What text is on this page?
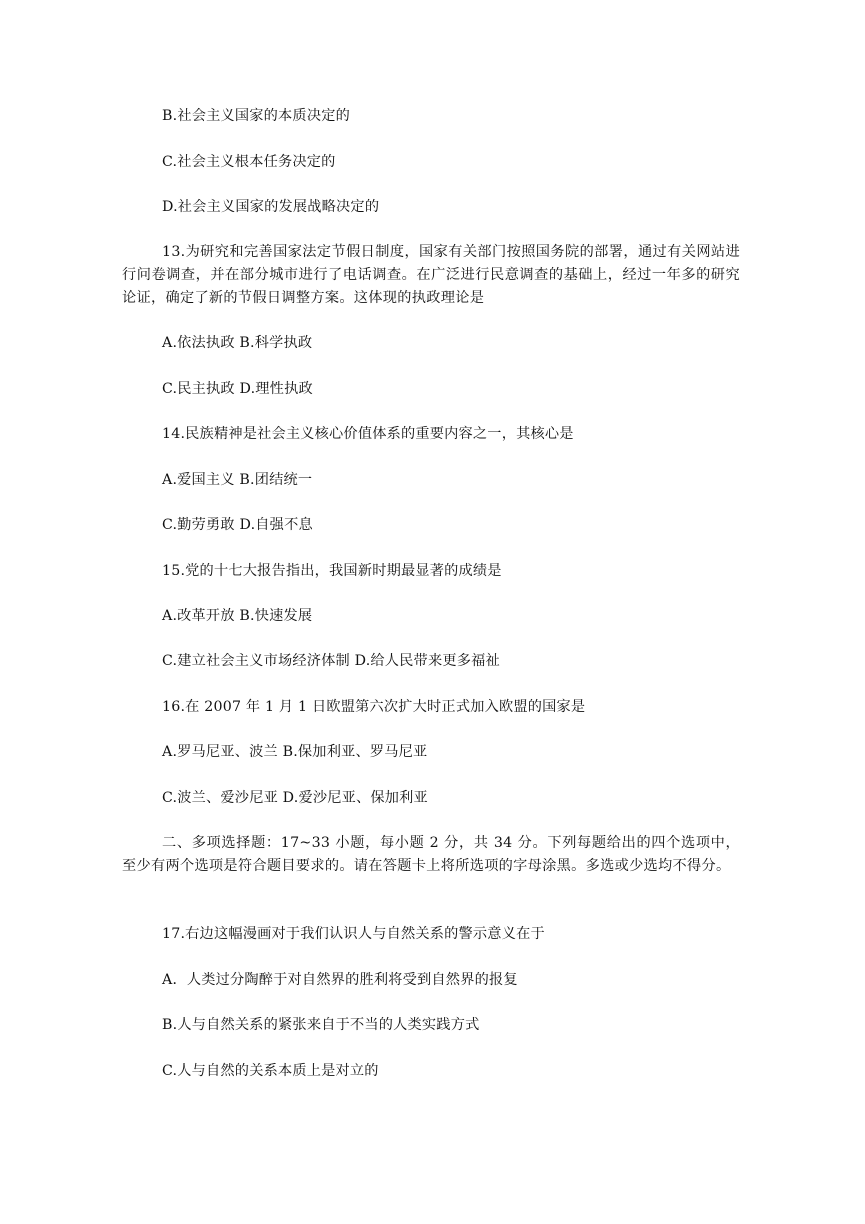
B.社会主义国家的本质决定的
C.社会主义根本任务决定的
D.社会主义国家的发展战略决定的
13.为研究和完善国家法定节假日制度，国家有关部门按照国务院的部署，通过有关网站进行问卷调查，并在部分城市进行了电话调查。在广泛进行民意调查的基础上，经过一年多的研究论证，确定了新的节假日调整方案。这体现的执政理论是
A.依法执政 B.科学执政
C.民主执政 D.理性执政
14.民族精神是社会主义核心价值体系的重要内容之一，其核心是
A.爱国主义 B.团结统一
C.勤劳勇敢 D.自强不息
15.党的十七大报告指出，我国新时期最显著的成绩是
A.改革开放 B.快速发展
C.建立社会主义市场经济体制 D.给人民带来更多福祉
16.在 2007 年 1 月 1 日欧盟第六次扩大时正式加入欧盟的国家是
A.罗马尼亚、波兰 B.保加利亚、罗马尼亚
C.波兰、爱沙尼亚 D.爱沙尼亚、保加利亚
二、多项选择题：17~33 小题，每小题 2 分，共 34 分。下列每题给出的四个选项中，至少有两个选项是符合题目要求的。请在答题卡上将所选项的字母涂黑。多选或少选均不得分。
17.右边这幅漫画对于我们认识人与自然关系的警示意义在于
A．人类过分陶醉于对自然界的胜利将受到自然界的报复
B.人与自然关系的紧张来自于不当的人类实践方式
C.人与自然的关系本质上是对立的
